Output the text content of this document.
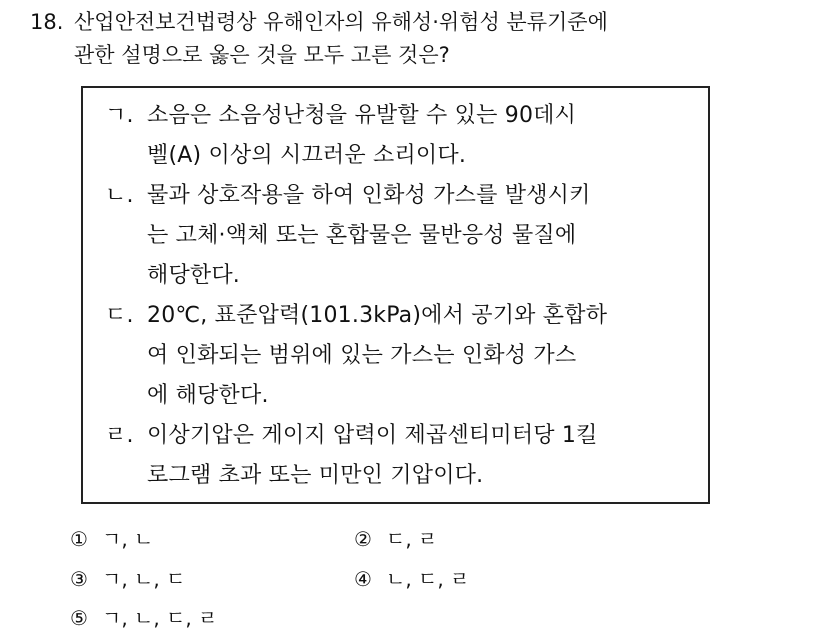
18. 산업안전보건법령상 유해인자의 유해성·위험성 분류기준에
관한 설명으로 옳은 것을 모두 고른 것은?
ㄱ. 소음은 소음성난청을 유발할 수 있는 90데시
벨(A) 이상의 시끄러운 소리이다.
ㄴ. 물과 상호작용을 하여 인화성 가스를 발생시키
는 고체·액체 또는 혼합물은 물반응성 물질에
해당한다.
ㄷ. 20℃, 표준압력(101.3kPa)에서 공기와 혼합하
여 인화되는 범위에 있는 가스는 인화성 가스
에 해당한다.
ㄹ. 이상기압은 게이지 압력이 제곱센티미터당 1킬
로그램 초과 또는 미만인 기압이다.
① ㄱ, ㄴ	② ㄷ, ㄹ
③ ㄱ, ㄴ, ㄷ	④ ㄴ, ㄷ, ㄹ
⑤ ㄱ, ㄴ, ㄷ, ㄹ
